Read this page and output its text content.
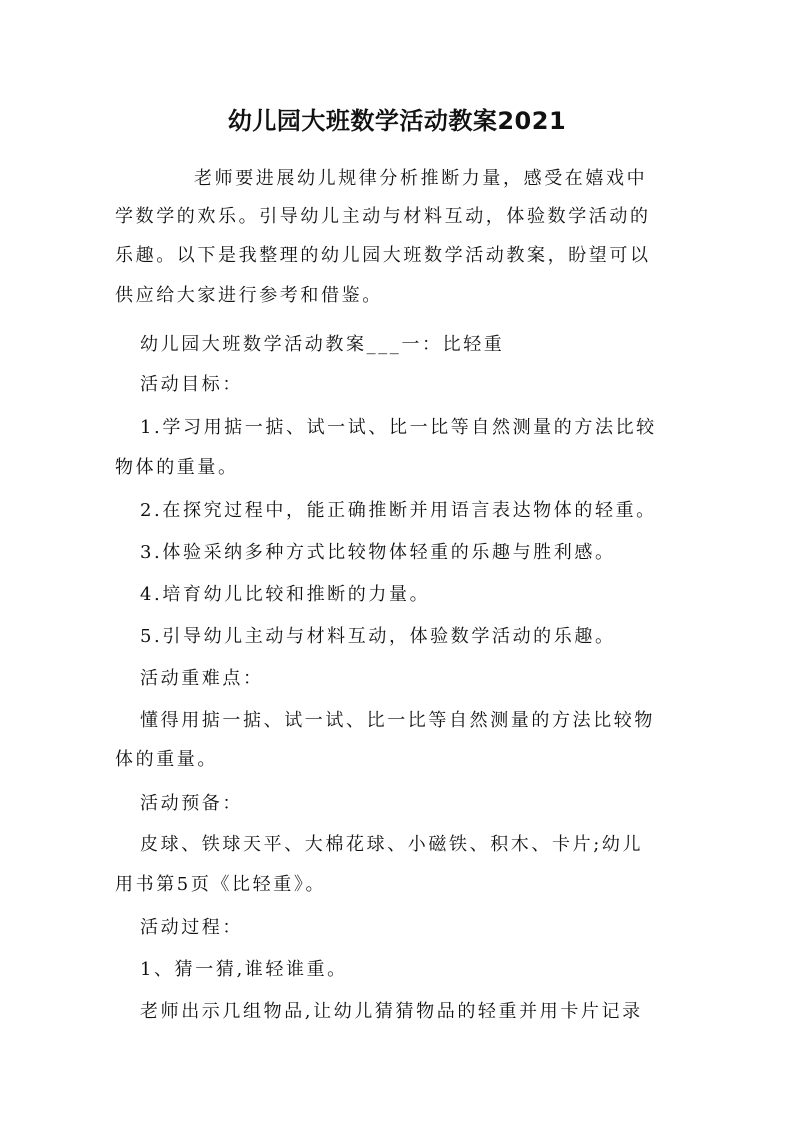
幼儿园大班数学活动教案2021
老师要进展幼儿规律分析推断力量，感受在嬉戏中
学数学的欢乐。引导幼儿主动与材料互动，体验数学活动的
乐趣。以下是我整理的幼儿园大班数学活动教案，盼望可以
供应给大家进行参考和借鉴。
幼儿园大班数学活动教案___一：比轻重
活动目标：
1.学习用掂一掂、试一试、比一比等自然测量的方法比较
物体的重量。
2.在探究过程中，能正确推断并用语言表达物体的轻重。
3.体验采纳多种方式比较物体轻重的乐趣与胜利感。
4.培育幼儿比较和推断的力量。
5.引导幼儿主动与材料互动，体验数学活动的乐趣。
活动重难点：
懂得用掂一掂、试一试、比一比等自然测量的方法比较物
体的重量。
活动预备：
皮球、铁球天平、大棉花球、小磁铁、积木、卡片;幼儿
用书第5页《比轻重》。
活动过程：
1、猜一猜,谁轻谁重。
老师出示几组物品,让幼儿猜猜物品的轻重并用卡片记录
